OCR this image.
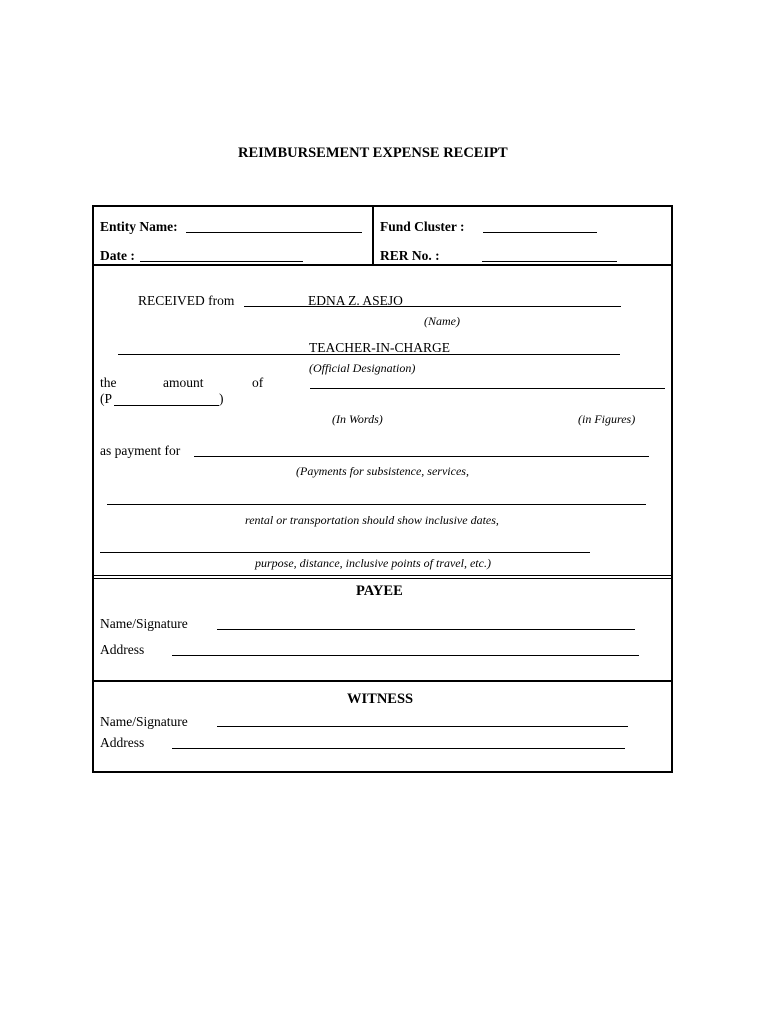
REIMBURSEMENT EXPENSE RECEIPT
Entity Name:
Date :
Fund Cluster :
RER No. :
RECEIVED from	EDNA Z. ASEJO
(Name)
TEACHER-IN-CHARGE
(Official Designation)
the	amount	of
(P	)
(In Words)	(in Figures)
as payment for
(Payments for subsistence, services,
rental or transportation should show inclusive dates,
purpose, distance, inclusive points of travel, etc.)
PAYEE
Name/Signature
Address
WITNESS
Name/Signature
Address
